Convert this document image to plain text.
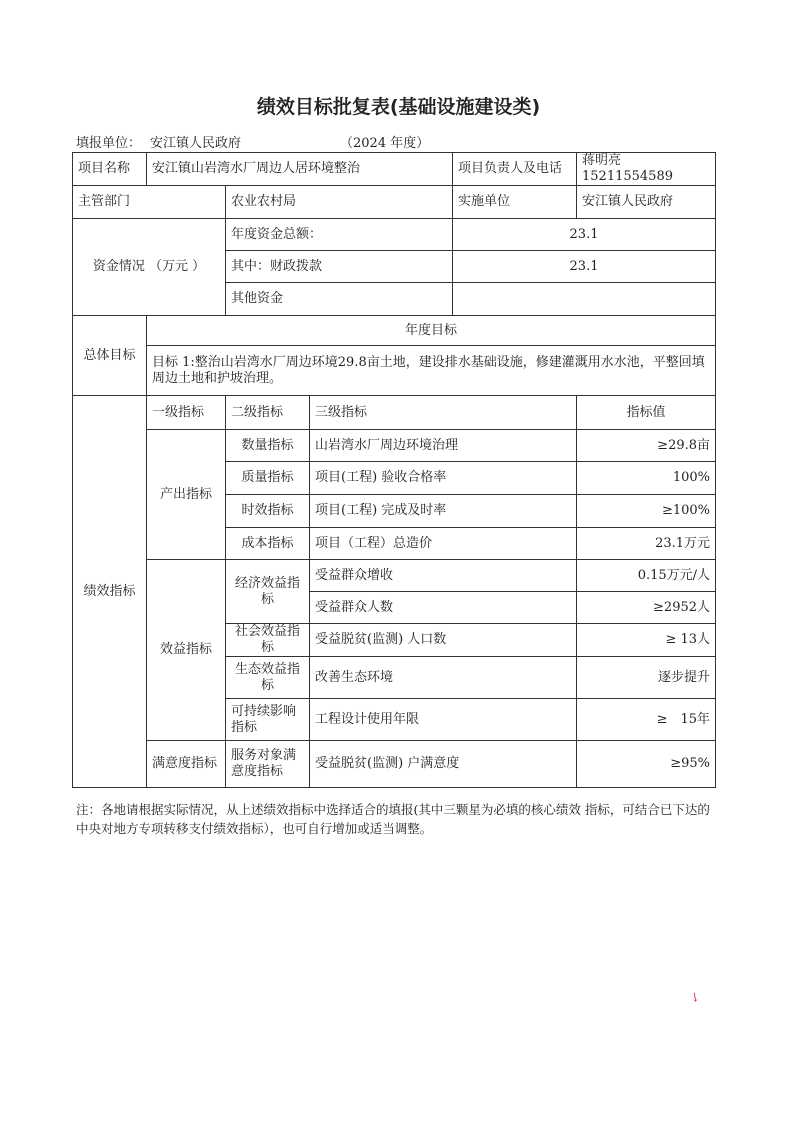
绩效目标批复表(基础设施建设类)
填报单位： 安江镇人民政府	（2024 年度）
项目名称	安江镇山岩湾水厂周边人居环境整治			项目负责人及电话	蒋明亮15211554589
主管部门		农业农村局		实施单位	安江镇人民政府
资金情况 （万元 ）		年度资金总额：		23.1	
		其中：财政拨款		23.1	
		其他资金			
总体目标	年度目标				
	目标 1:整治山岩湾水厂周边环境29.8亩土地，建设排水基础设施，修建灌溉用水水池，平整回填周边土地和护坡治理。				
绩效指标	一级指标	二级指标	三级指标		指标值
	产出指标	数量指标	山岩湾水厂周边环境治理		≥29.8亩
		质量指标	项目(工程) 验收合格率		100%
		时效指标	项目(工程) 完成及时率		≥100%
		成本指标	项目（工程）总造价		23.1万元
	效益指标	经济效益指标	受益群众增收		0.15万元/人
			受益群众人数		≥2952人
		社会效益指标	受益脱贫(监测) 人口数		≥ 13人
		生态效益指标	改善生态环境		逐步提升
		可持续影响指标	工程设计使用年限		≥　15年
	满意度指标	服务对象满意度指标	受益脱贫(监测) 户满意度		≥95%
注：各地请根据实际情况，从上述绩效指标中选择适合的填报(其中三颗星为必填的核心绩效 指标，可结合已下达的中央对地方专项转移支付绩效指标），也可自行增加或适当调整。
↘
